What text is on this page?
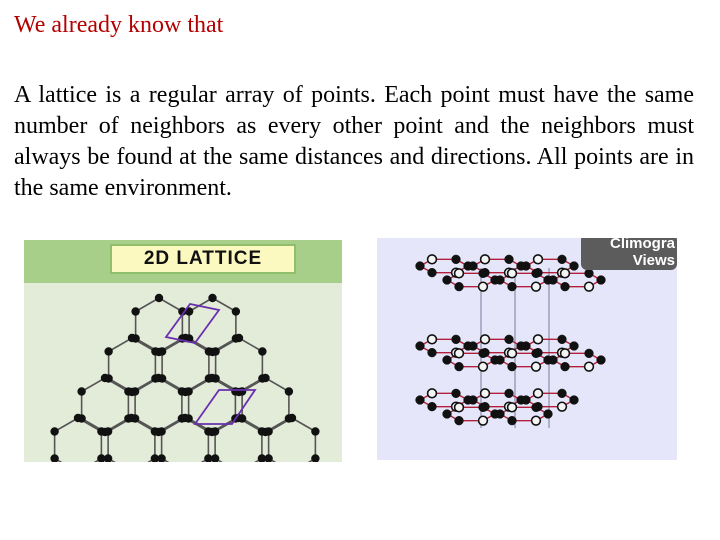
We already know that

A lattice is a regular array of points. Each point must have the same number of neighbors as every other point and the neighbors must always be found at the same distances and directions. All points are in the same environment.

2D LATTICE
Climogra
Views
